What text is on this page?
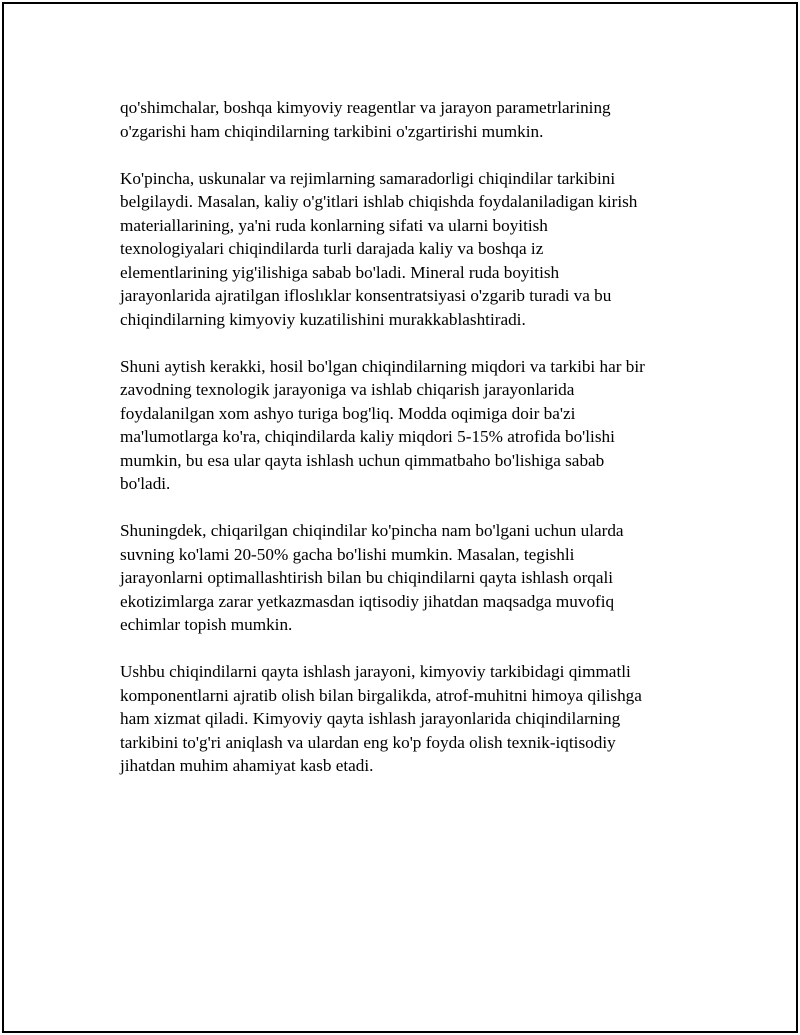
qo'shimchalar, boshqa kimyoviy reagentlar va jarayon parametrlarining
o'zgarishi ham chiqindilarning tarkibini o'zgartirishi mumkin.

Ko'pincha, uskunalar va rejimlarning samaradorligi chiqindilar tarkibini
belgilaydi. Masalan, kaliy o'g'itlari ishlab chiqishda foydalaniladigan kirish
materiallarining, ya'ni ruda konlarning sifati va ularni boyitish
texnologiyalari chiqindilarda turli darajada kaliy va boshqa iz
elementlarining yig'ilishiga sabab bo'ladi. Mineral ruda boyitish
jarayonlarida ajratilgan ifloslıklar konsentratsiyasi o'zgarib turadi va bu
chiqindilarning kimyoviy kuzatilishini murakkablashtiradi.

Shuni aytish kerakki, hosil bo'lgan chiqindilarning miqdori va tarkibi har bir
zavodning texnologik jarayoniga va ishlab chiqarish jarayonlarida
foydalanilgan xom ashyo turiga bog'liq. Modda oqimiga doir ba'zi
ma'lumotlarga ko'ra, chiqindilarda kaliy miqdori 5-15% atrofida bo'lishi
mumkin, bu esa ular qayta ishlash uchun qimmatbaho bo'lishiga sabab
bo'ladi.

Shuningdek, chiqarilgan chiqindilar ko'pincha nam bo'lgani uchun ularda
suvning ko'lami 20-50% gacha bo'lishi mumkin. Masalan, tegishli
jarayonlarni optimallashtirish bilan bu chiqindilarni qayta ishlash orqali
ekotizimlarga zarar yetkazmasdan iqtisodiy jihatdan maqsadga muvofiq
echimlar topish mumkin.

Ushbu chiqindilarni qayta ishlash jarayoni, kimyoviy tarkibidagi qimmatli
komponentlarni ajratib olish bilan birgalikda, atrof-muhitni himoya qilishga
ham xizmat qiladi. Kimyoviy qayta ishlash jarayonlarida chiqindilarning
tarkibini to'g'ri aniqlash va ulardan eng ko'p foyda olish texnik-iqtisodiy
jihatdan muhim ahamiyat kasb etadi.
